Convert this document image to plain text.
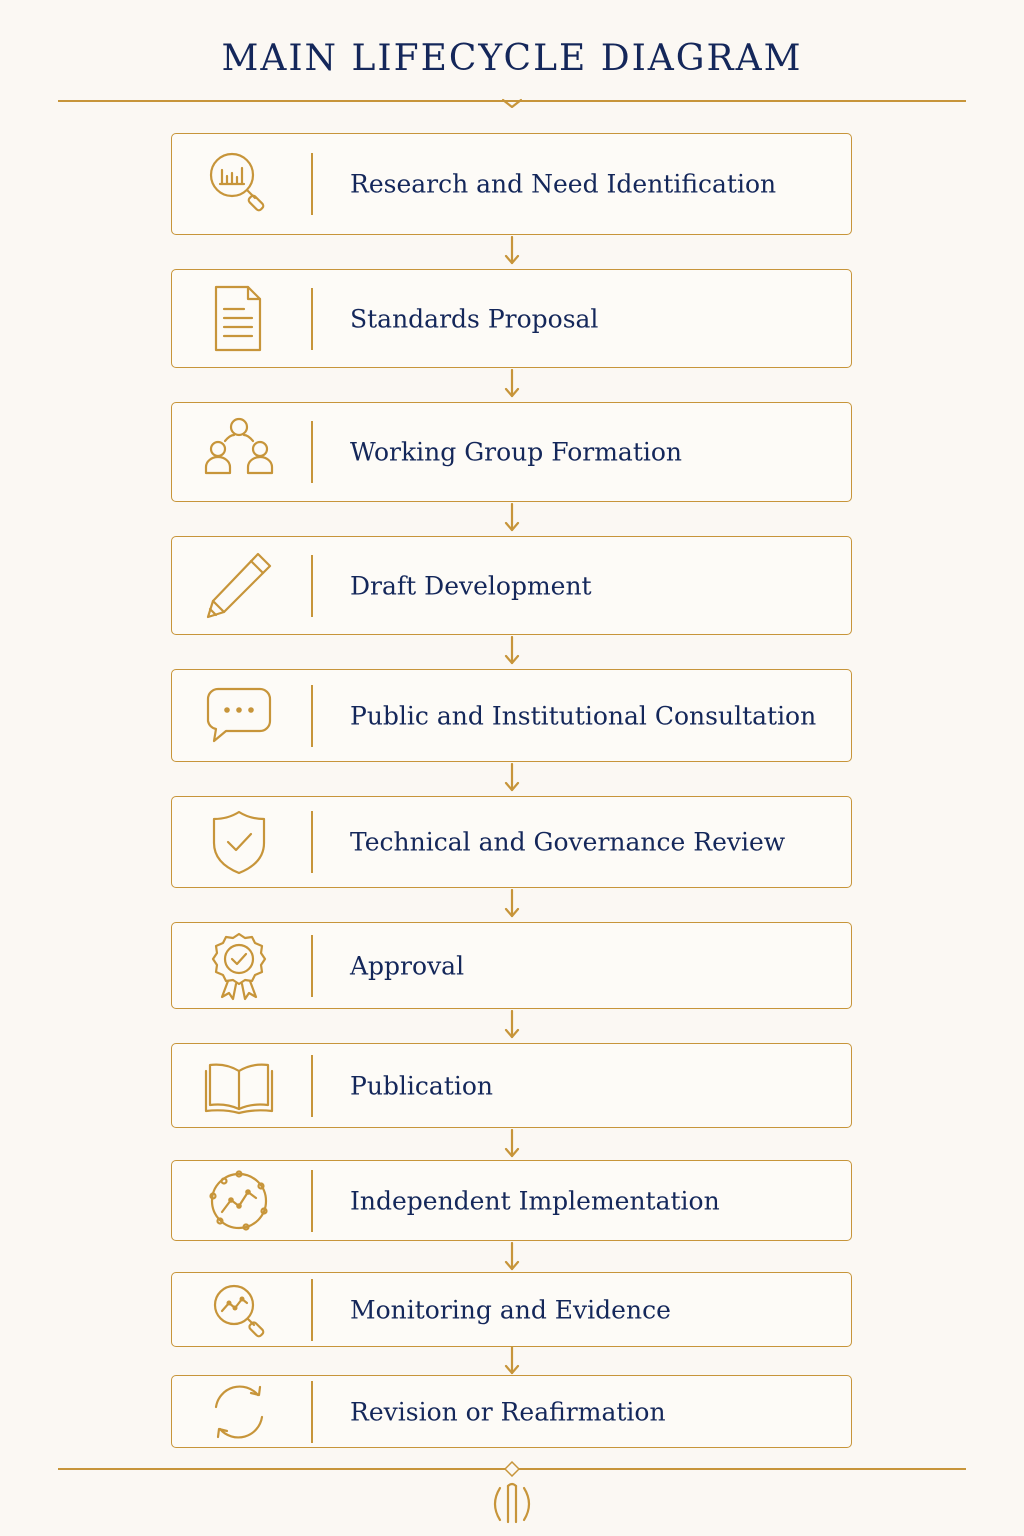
MAIN LIFECYCLE DIAGRAM
Research and Need Identification
Standards Proposal
Working Group Formation
Draft Development
Public and Institutional Consultation
Technical and Governance Review
Approval
Publication
Independent Implementation
Monitoring and Evidence
Revision or Reafirmation
